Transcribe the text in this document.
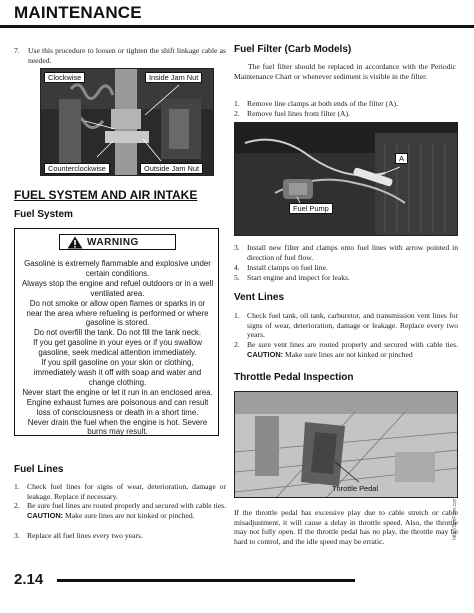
MAINTENANCE
7. Use this procedure to loosen or tighten the shift linkage cable as needed.
Clockwise	Inside Jam Nut
Counterclockwise	Outside Jam Nut
FUEL SYSTEM AND AIR INTAKE
Fuel System
WARNING
Gasoline is extremely flammable and explosive under certain conditions.
Always stop the engine and refuel outdoors or in a well ventilated area.
Do not smoke or allow open flames or sparks in or near the area where refueling is performed or where gasoline is stored.
Do not overfill the tank. Do not fill the tank neck.
If you get gasoline in your eyes or if you swallow gasoline, seek medical attention immediately.
If you spill gasoline on your skin or clothing, immediately wash it off with soap and water and change clothing.
Never start the engine or let it run in an enclosed area. Engine exhaust fumes are poisonous and can result loss of consciousness or death in a short time.
Never drain the fuel when the engine is hot. Severe burns may result.
Fuel Lines
1. Check fuel lines for signs of wear, deterioration, damage or leakage. Replace if necessary.
2. Be sure fuel lines are routed properly and secured with cable ties. CAUTION: Make sure lines are not kinked or pinched.
3. Replace all fuel lines every two years.
Fuel Filter (Carb Models)
The fuel filter should be replaced in accordance with the Periodic Maintenance Chart or whenever sediment is visible in the filter.
1. Remove line clamps at both ends of the filter (A).
2. Remove fuel lines from filter (A).
A
Fuel Pump
3. Install new filter and clamps onto fuel lines with arrow pointed in direction of fuel flow.
4. Install clamps on fuel line.
5. Start engine and inspect for leaks.
Vent Lines
1. Check fuel tank, oil tank, carburetor, and transmission vent lines for signs of wear, deterioration, damage or leakage. Replace every two years.
2. Be sure vent lines are routed properly and secured with cable ties. CAUTION: Make sure lines are not kinked or pinched
Throttle Pedal Inspection
Throttle Pedal
If the throttle pedal has excessive play due to cable stretch or cable misadjustment, it will cause a delay in throttle speed. Also, the throttle may not fully open. If the throttle pedal has no play, the throttle may be hard to control, and the idle speed may be erratic.
2.14
http://SeriFixer.com
